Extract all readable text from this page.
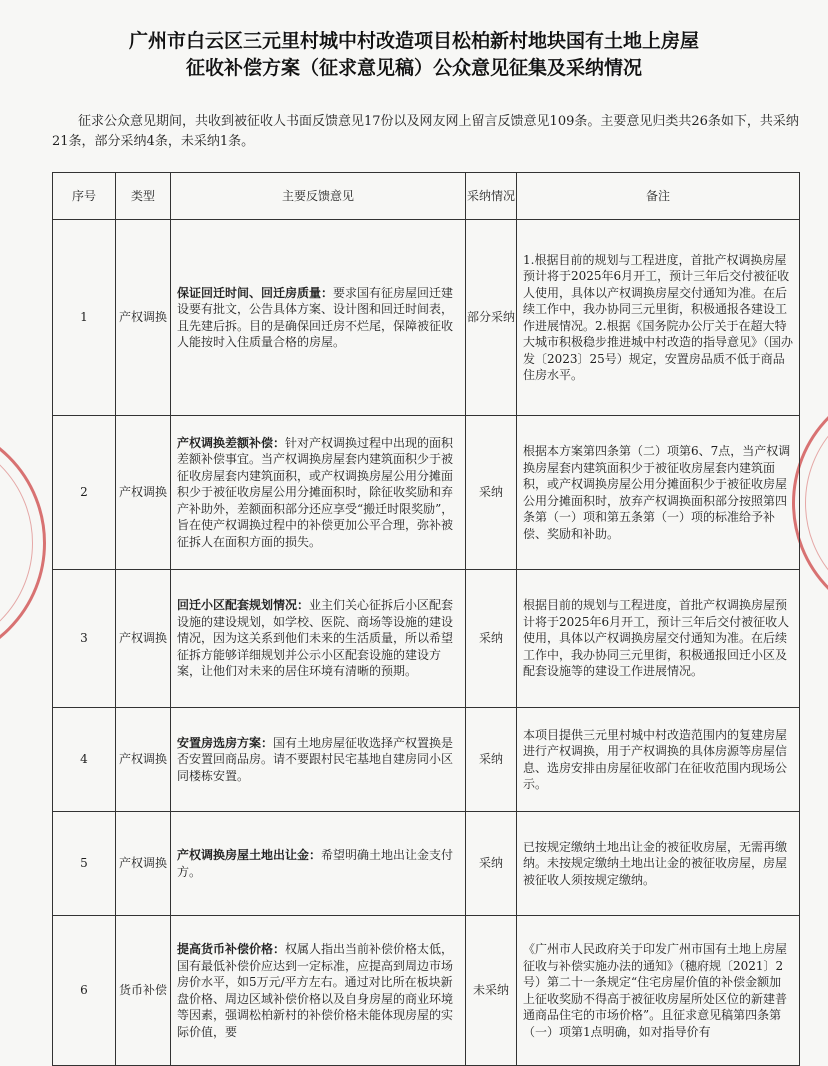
广州市白云区三元里村城中村改造项目松柏新村地块国有土地上房屋
征收补偿方案（征求意见稿）公众意见征集及采纳情况

征求公众意见期间，共收到被征收人书面反馈意见17份以及网友网上留言反馈意见109条。主要意见归类共26条如下，共采纳21条，部分采纳4条，未采纳1条。

序号	类型	主要反馈意见	采纳情况	备注
1	产权调换	保证回迁时间、回迁房质量：要求国有征房屋回迁建设要有批文，公告具体方案、设计图和回迁时间表，且先建后拆。目的是确保回迁房不烂尾，保障被征收人能按时入住质量合格的房屋。	部分采纳	1.根据目前的规划与工程进度，首批产权调换房屋预计将于2025年6月开工，预计三年后交付被征收人使用，具体以产权调换房屋交付通知为准。在后续工作中，我办协同三元里街，积极通报各建设工作进展情况。2.根据《国务院办公厅关于在超大特大城市积极稳步推进城中村改造的指导意见》（国办发〔2023〕25号）规定，安置房品质不低于商品住房水平。
2	产权调换	产权调换差额补偿：针对产权调换过程中出现的面积差额补偿事宜。当产权调换房屋套内建筑面积少于被征收房屋套内建筑面积，或产权调换房屋公用分摊面积少于被征收房屋公用分摊面积时，除征收奖励和弃产补助外，差额面积部分还应享受“搬迁时限奖励”，旨在使产权调换过程中的补偿更加公平合理，弥补被征拆人在面积方面的损失。	采纳	根据本方案第四条第（二）项第6、7点，当产权调换房屋套内建筑面积少于被征收房屋套内建筑面积，或产权调换房屋公用分摊面积少于被征收房屋公用分摊面积时，放弃产权调换面积部分按照第四条第（一）项和第五条第（一）项的标准给予补偿、奖励和补助。
3	产权调换	回迁小区配套规划情况：业主们关心征拆后小区配套设施的建设规划，如学校、医院、商场等设施的建设情况，因为这关系到他们未来的生活质量，所以希望征拆方能够详细规划并公示小区配套设施的建设方案，让他们对未来的居住环境有清晰的预期。	采纳	根据目前的规划与工程进度，首批产权调换房屋预计将于2025年6月开工，预计三年后交付被征收人使用，具体以产权调换房屋交付通知为准。在后续工作中，我办协同三元里街，积极通报回迁小区及配套设施等的建设工作进展情况。
4	产权调换	安置房选房方案：国有土地房屋征收选择产权置换是否安置回商品房。请不要跟村民宅基地自建房同小区同楼栋安置。	采纳	本项目提供三元里村城中村改造范围内的复建房屋进行产权调换，用于产权调换的具体房源等房屋信息、选房安排由房屋征收部门在征收范围内现场公示。
5	产权调换	产权调换房屋土地出让金：希望明确土地出让金支付方。	采纳	已按规定缴纳土地出让金的被征收房屋，无需再缴纳。未按规定缴纳土地出让金的被征收房屋，房屋被征收人须按规定缴纳。
6	货币补偿	提高货币补偿价格：权属人指出当前补偿价格太低，国有最低补偿价应达到一定标准，应提高到周边市场房价水平，如5万元/平方左右。通过对比所在板块新盘价格、周边区域补偿价格以及自身房屋的商业环境等因素，强调松柏新村的补偿价格未能体现房屋的实际价值，要	未采纳	《广州市人民政府关于印发广州市国有土地上房屋征收与补偿实施办法的通知》（穗府规〔2021〕2号）第二十一条规定“住宅房屋价值的补偿金额加上征收奖励不得高于被征收房屋所处区位的新建普通商品住宅的市场价格”。且征求意见稿第四条第（一）项第1点明确，如对指导价有
